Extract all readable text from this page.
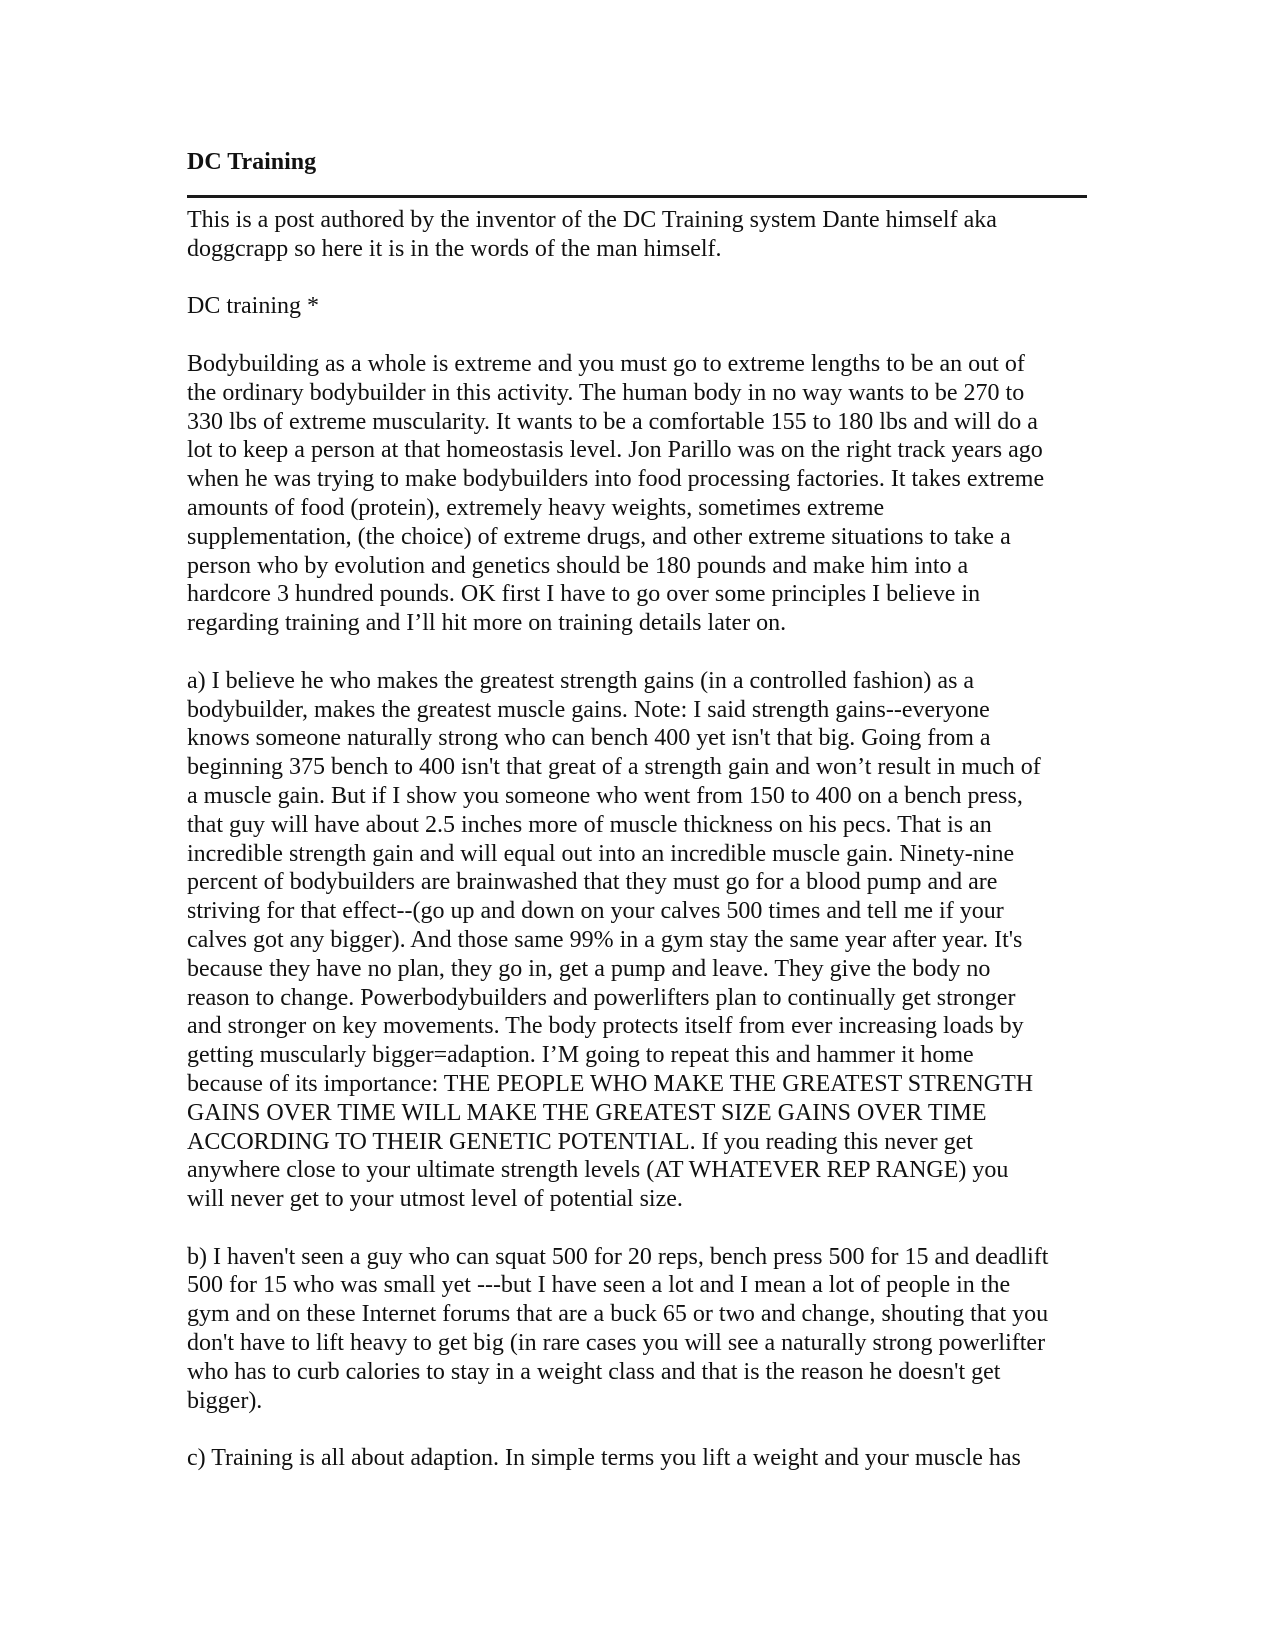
DC Training

This is a post authored by the inventor of the DC Training system Dante himself aka
doggcrapp so here it is in the words of the man himself.

DC training *

Bodybuilding as a whole is extreme and you must go to extreme lengths to be an out of
the ordinary bodybuilder in this activity. The human body in no way wants to be 270 to
330 lbs of extreme muscularity. It wants to be a comfortable 155 to 180 lbs and will do a
lot to keep a person at that homeostasis level. Jon Parillo was on the right track years ago
when he was trying to make bodybuilders into food processing factories. It takes extreme
amounts of food (protein), extremely heavy weights, sometimes extreme
supplementation, (the choice) of extreme drugs, and other extreme situations to take a
person who by evolution and genetics should be 180 pounds and make him into a
hardcore 3 hundred pounds. OK first I have to go over some principles I believe in
regarding training and I’ll hit more on training details later on.

a) I believe he who makes the greatest strength gains (in a controlled fashion) as a
bodybuilder, makes the greatest muscle gains. Note: I said strength gains--everyone
knows someone naturally strong who can bench 400 yet isn't that big. Going from a
beginning 375 bench to 400 isn't that great of a strength gain and won’t result in much of
a muscle gain. But if I show you someone who went from 150 to 400 on a bench press,
that guy will have about 2.5 inches more of muscle thickness on his pecs. That is an
incredible strength gain and will equal out into an incredible muscle gain. Ninety-nine
percent of bodybuilders are brainwashed that they must go for a blood pump and are
striving for that effect--(go up and down on your calves 500 times and tell me if your
calves got any bigger). And those same 99% in a gym stay the same year after year. It's
because they have no plan, they go in, get a pump and leave. They give the body no
reason to change. Powerbodybuilders and powerlifters plan to continually get stronger
and stronger on key movements. The body protects itself from ever increasing loads by
getting muscularly bigger=adaption. I’M going to repeat this and hammer it home
because of its importance: THE PEOPLE WHO MAKE THE GREATEST STRENGTH
GAINS OVER TIME WILL MAKE THE GREATEST SIZE GAINS OVER TIME
ACCORDING TO THEIR GENETIC POTENTIAL. If you reading this never get
anywhere close to your ultimate strength levels (AT WHATEVER REP RANGE) you
will never get to your utmost level of potential size.

b) I haven't seen a guy who can squat 500 for 20 reps, bench press 500 for 15 and deadlift
500 for 15 who was small yet ---but I have seen a lot and I mean a lot of people in the
gym and on these Internet forums that are a buck 65 or two and change, shouting that you
don't have to lift heavy to get big (in rare cases you will see a naturally strong powerlifter
who has to curb calories to stay in a weight class and that is the reason he doesn't get
bigger).

c) Training is all about adaption. In simple terms you lift a weight and your muscle has
